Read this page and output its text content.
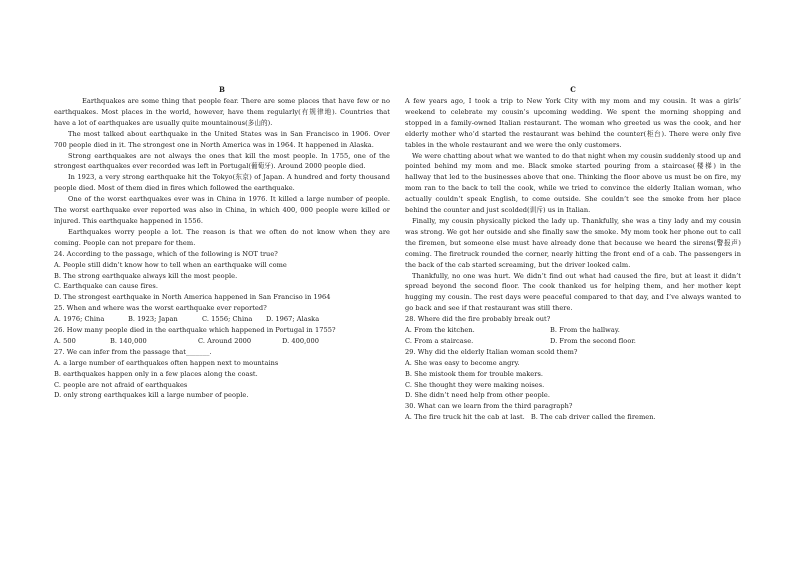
B

Earthquakes are some thing that people fear. There are some places that have few or no earthquakes. Most places in the world, however, have them regularly(有规律地). Countries that have a lot of earthquakes are usually quite mountainous(多山的).

The most talked about earthquake in the United States was in San Francisco in 1906. Over 700 people died in it. The strongest one in North America was in 1964. It happened in Alaska.

Strong earthquakes are not always the ones that kill the most people. In 1755, one of the strongest earthquakes ever recorded was left in Portugal(葡萄牙). Around 2000 people died.

In 1923, a very strong earthquake hit the Tokyo(东京) of Japan. A hundred and forty thousand people died. Most of them died in fires which followed the earthquake.

One of the worst earthquakes ever was in China in 1976. It killed a large number of people. The worst earthquake ever reported was also in China, in which 400, 000 people were killed or injured. This earthquake happened in 1556.

Earthquakes worry people a lot. The reason is that we often do not know when they are coming. People can not prepare for them.

24. According to the passage, which of the following is NOT true?

A. People still didn’t know how to tell when an earthquake will come

B. The strong earthquake always kill the most people.

C. Earthquake can cause fires.

D. The strongest earthquake in North America happened in San Franciso in 1964

25. When and where was the worst earthquake ever reported?

A. 1976; China	B. 1923; Japan	C. 1556; China	D. 1967; Alaska

26. How many people died in the earthquake which happened in Portugal in 1755?

A. 500	B. 140,000	C. Around 2000	D. 400,000

27. We can infer from the passage that_______.

A. a large number of earthquakes often happen next to mountains

B. earthquakes happen only in a few places along the coast.

C. people are not afraid of earthquakes

D. only strong earthquakes kill a large number of people.

C

A few years ago, I took a trip to New York City with my mom and my cousin. It was a girls’ weekend to celebrate my cousin’s upcoming wedding. We spent the morning shopping and stopped in a family-owned Italian restaurant. The woman who greeted us was the cook, and her elderly mother who’d started the restaurant was behind the counter(柜台). There were only five tables in the whole restaurant and we were the only customers.

We were chatting about what we wanted to do that night when my cousin suddenly stood up and pointed behind my mom and me. Black smoke started pouring from a staircase(楼梯) in the hallway that led to the businesses above that one. Thinking the floor above us must be on fire, my mom ran to the back to tell the cook, while we tried to convince the elderly Italian woman, who actually couldn’t speak English, to come outside. She couldn’t see the smoke from her place behind the counter and just scolded(训斥) us in Italian.

Finally, my cousin physically picked the lady up. Thankfully, she was a tiny lady and my cousin was strong. We got her outside and she finally saw the smoke. My mom took her phone out to call the firemen, but someone else must have already done that because we heard the sirens(警报声) coming. The firetruck rounded the corner, nearly hitting the front end of a cab. The passengers in the back of the cab started screaming, but the driver looked calm.

Thankfully, no one was hurt. We didn’t find out what had caused the fire, but at least it didn’t spread beyond the second floor. The cook thanked us for helping them, and her mother kept hugging my cousin. The rest days were peaceful compared to that day, and I’ve always wanted to go back and see if that restaurant was still there.

28. Where did the fire probably break out?

A. From the kitchen.	B. From the hallway.
C. From a staircase.	D. From the second floor.

29. Why did the elderly Italian woman scold them?

A. She was easy to become angry.

B. She mistook them for trouble makers.

C. She thought they were making noises.

D. She didn’t need help from other people.

30. What can we learn from the third paragraph?

A. The fire truck hit the cab at last. B. The cab driver called the firemen.
